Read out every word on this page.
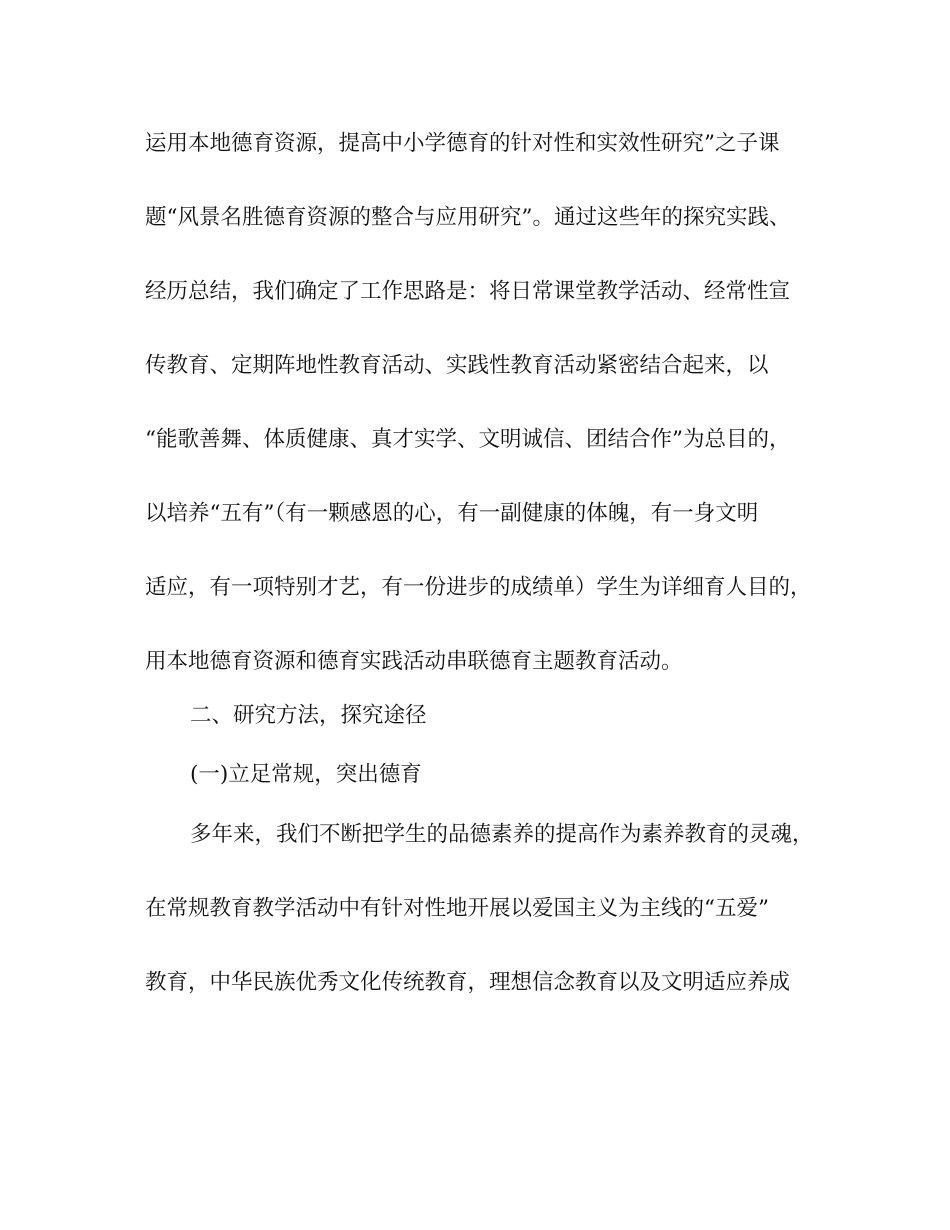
运用本地德育资源，提高中小学德育的针对性和实效性研究”之子课
题“风景名胜德育资源的整合与应用研究”。通过这些年的探究实践、
经历总结，我们确定了工作思路是：将日常课堂教学活动、经常性宣
传教育、定期阵地性教育活动、实践性教育活动紧密结合起来，以
“能歌善舞、体质健康、真才实学、文明诚信、团结合作”为总目的，
以培养“五有”（有一颗感恩的心，有一副健康的体魄，有一身文明
适应，有一项特别才艺，有一份进步的成绩单）学生为详细育人目的，
用本地德育资源和德育实践活动串联德育主题教育活动。
二、研究方法，探究途径
(一)立足常规，突出德育
多年来，我们不断把学生的品德素养的提高作为素养教育的灵魂，
在常规教育教学活动中有针对性地开展以爱国主义为主线的“五爱”
教育，中华民族优秀文化传统教育，理想信念教育以及文明适应养成
